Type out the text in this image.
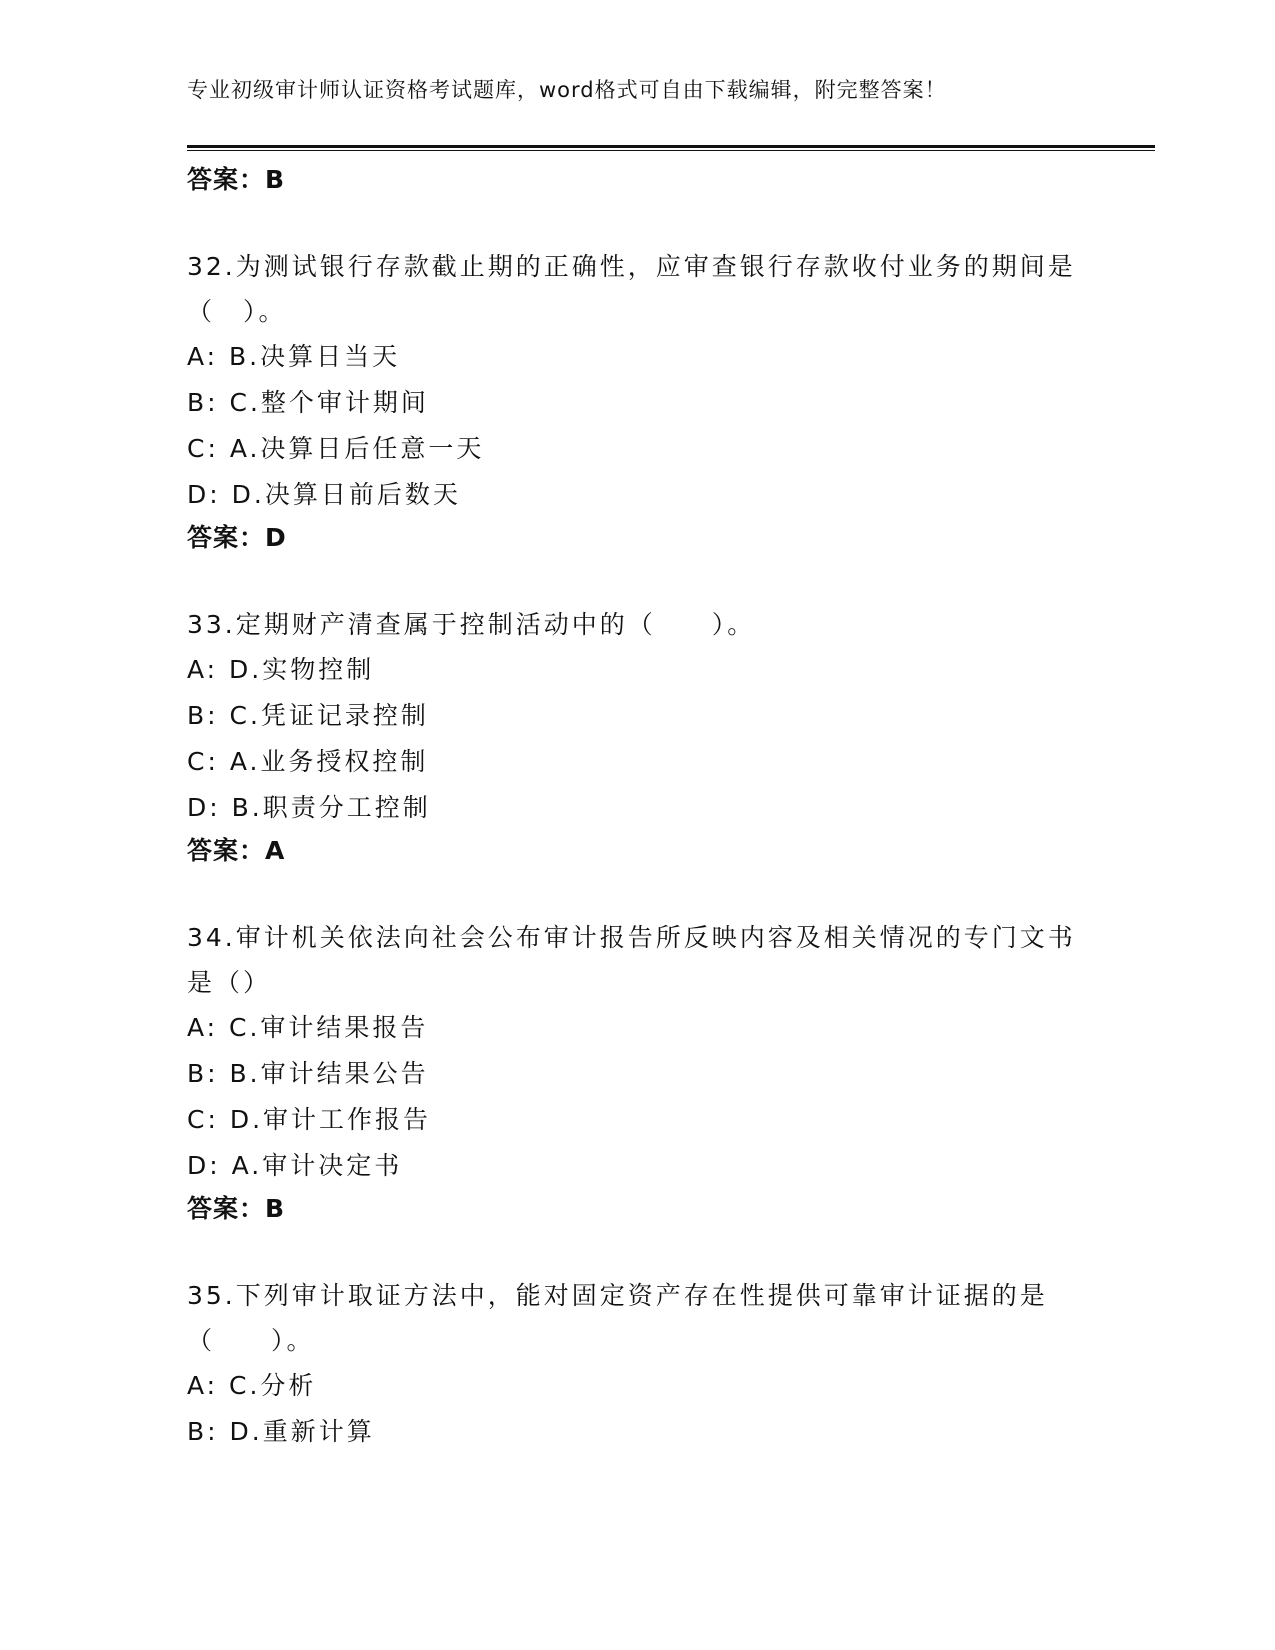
专业初级审计师认证资格考试题库，word格式可自由下载编辑，附完整答案！
答案：B
32.为测试银行存款截止期的正确性，应审查银行存款收付业务的期间是（　）。
A: B.决算日当天
B: C.整个审计期间
C: A.决算日后任意一天
D: D.决算日前后数天
答案：D
33.定期财产清查属于控制活动中的（　　）。
A: D.实物控制
B: C.凭证记录控制
C: A.业务授权控制
D: B.职责分工控制
答案：A
34.审计机关依法向社会公布审计报告所反映内容及相关情况的专门文书是（）
A: C.审计结果报告
B: B.审计结果公告
C: D.审计工作报告
D: A.审计决定书
答案：B
35.下列审计取证方法中，能对固定资产存在性提供可靠审计证据的是（　　）。
A: C.分析
B: D.重新计算
